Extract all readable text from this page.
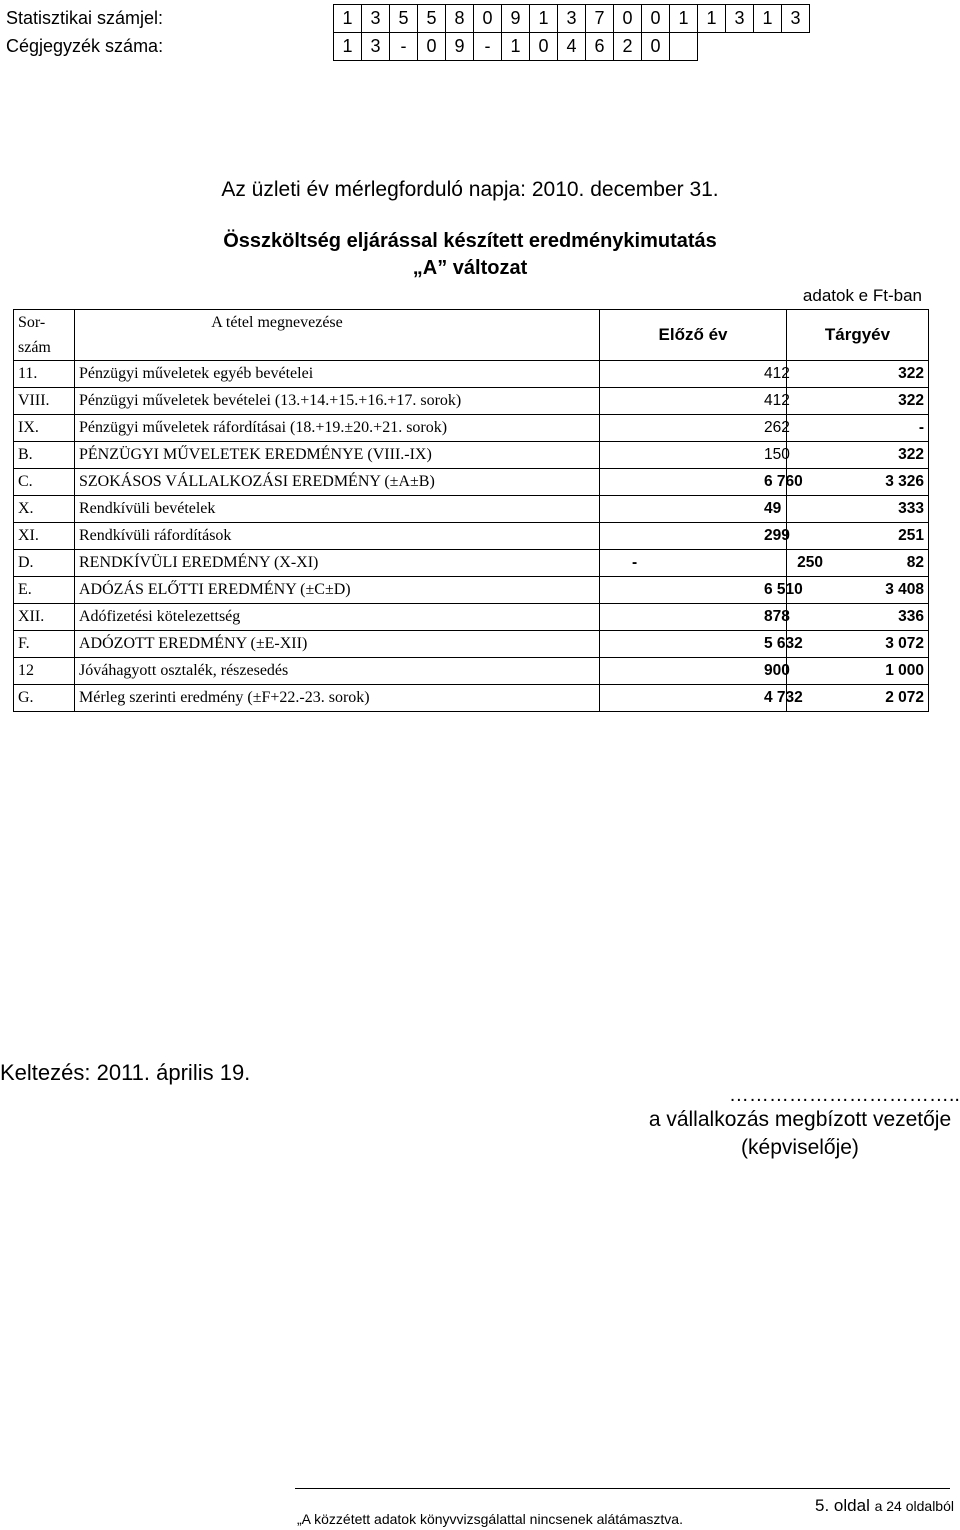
Statisztikai számjel:	1	3	5	5	8	0	9	1	3	7	0	0	1	1	3	1	3
Cégjegyzék száma:	1	3	-	0	9	-	1	0	4	6	2	0	
Az üzleti év mérlegforduló napja: 2010. december 31.
Összköltség eljárással készített eredménykimutatás
„A” változat
adatok e Ft-ban
Sor-	A tétel megnevezése	Előző év	Tárgyév
szám			
11.	Pénzügyi műveletek egyéb bevételei	412	322
VIII.	Pénzügyi műveletek bevételei (13.+14.+15.+16.+17. sorok)	412	322
IX.	Pénzügyi műveletek ráfordításai (18.+19.±20.+21. sorok)	262	-
B.	PÉNZÜGYI MŰVELETEK EREDMÉNYE (VIII.-IX)	150	322
C.	SZOKÁSOS VÁLLALKOZÁSI EREDMÉNY (±A±B)	6 760	3 326
X.	Rendkívüli bevételek	49	333
XI.	Rendkívüli ráfordítások	299	251
D.	RENDKÍVÜLI EREDMÉNY (X-XI)	- 250	82
E.	ADÓZÁS ELŐTTI EREDMÉNY (±C±D)	6 510	3 408
XII.	Adófizetési kötelezettség	878	336
F.	ADÓZOTT EREDMÉNY (±E-XII)	5 632	3 072
12	Jóváhagyott osztalék, részesedés	900	1 000
G.	Mérleg szerinti eredmény (±F+22.-23. sorok)	4 732	2 072
Keltezés: 2011. április 19.
……………………………..
a vállalkozás megbízott vezetője
(képviselője)
5. oldal a 24 oldalból
„A közzétett adatok könyvvizsgálattal nincsenek alátámasztva.
